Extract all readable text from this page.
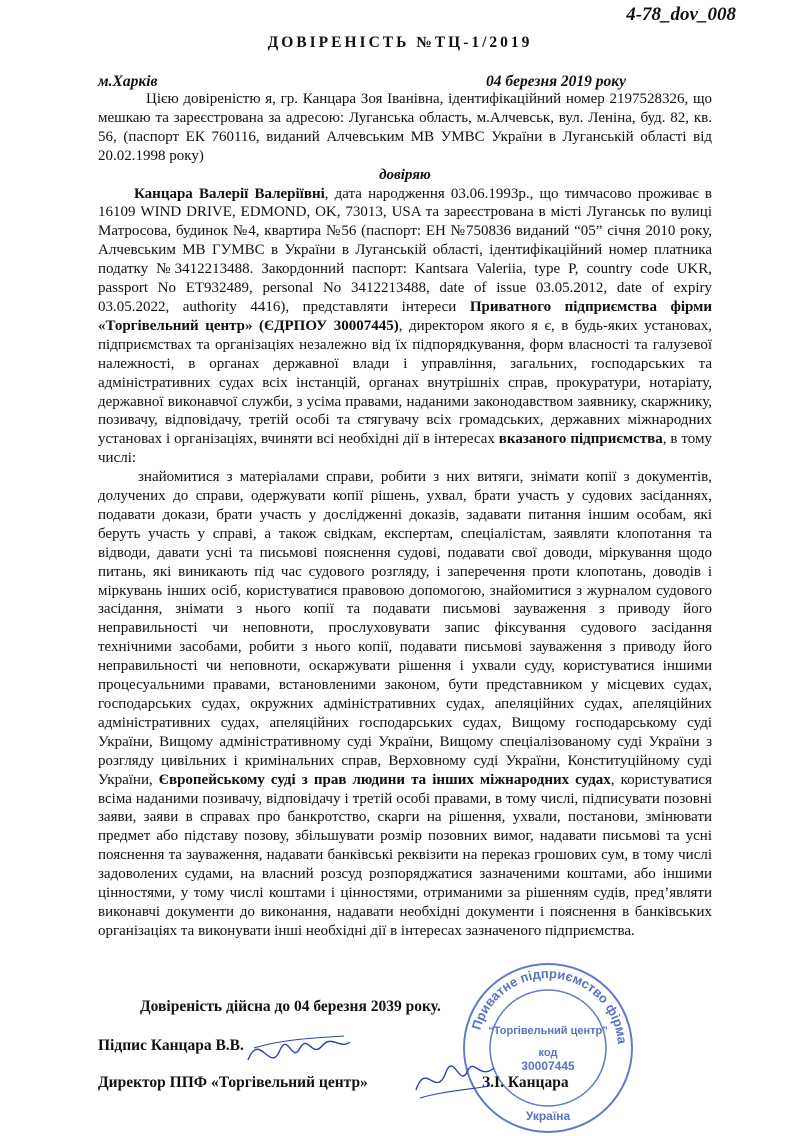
4-78_dov_008
ДОВІРЕНІСТЬ №ТЦ-1/2019
м.Харків	04 березня 2019 року

Цією довіреністю я, гр. Канцара Зоя Іванівна, ідентифікаційний номер 2197528326, що мешкаю та зареєстрована за адресою: Луганська область, м.Алчевськ, вул. Леніна, буд. 82, кв. 56, (паспорт ЕК 760116, виданий Алчевським МВ УМВС України в Луганській області від 20.02.1998 року)

довіряю

Канцара Валерії Валеріївні, дата народження 03.06.1993р., що тимчасово проживає в 16109 WIND DRIVE, EDMOND, OK, 73013, USA та зареєстрована в місті Луганськ по вулиці Матросова, будинок №4, квартира №56 (паспорт: ЕН №750836 виданий “05” січня 2010 року, Алчевським МВ ГУМВС в України в Луганській області, ідентифікаційний номер платника податку №3412213488. Закордонний паспорт: Kantsara Valeriia, type P, country code UKR, passport No ET932489, personal No 3412213488, date of issue 03.05.2012, date of expiry 03.05.2022, authority 4416), представляти інтереси Приватного підприємства фірми «Торгівельний центр» (ЄДРПОУ 30007445), директором якого я є, в будь-яких установах, підприємствах та організаціях незалежно від їх підпорядкування, форм власності та галузевої належності, в органах державної влади і управління, загальних, господарських та адміністративних судах всіх інстанцій, органах внутрішніх справ, прокуратури, нотаріату, державної виконавчої служби, з усіма правами, наданими законодавством заявнику, скаржнику, позивачу, відповідачу, третій особі та стягувачу всіх громадських, державних міжнародних установах і організаціях, вчиняти всі необхідні дії в інтересах вказаного підприємства, в тому числі:

знайомитися з матеріалами справи, робити з них витяги, знімати копії з документів, долучених до справи, одержувати копії рішень, ухвал, брати участь у судових засіданнях, подавати докази, брати участь у дослідженні доказів, задавати питання іншим особам, які беруть участь у справі, а також свідкам, експертам, спеціалістам, заявляти клопотання та відводи, давати усні та письмові пояснення судові, подавати свої доводи, міркування щодо питань, які виникають під час судового розгляду, і заперечення проти клопотань, доводів і міркувань інших осіб, користуватися правовою допомогою, знайомитися з журналом судового засідання, знімати з нього копії та подавати письмові зауваження з приводу його неправильності чи неповноти, прослуховувати запис фіксування судового засідання технічними засобами, робити з нього копії, подавати письмові зауваження з приводу його неправильності чи неповноти, оскаржувати рішення і ухвали суду, користуватися іншими процесуальними правами, встановленими законом, бути представником у місцевих судах, господарських судах, окружних адміністративних судах, апеляційних судах, апеляційних адміністративних судах, апеляційних господарських судах, Вищому господарському суді України, Вищому адміністративному суді України, Вищому спеціалізованому суді України з розгляду цивільних і кримінальних справ, Верховному суді України, Конституційному суді України, Європейському суді з прав людини та інших міжнародних судах, користуватися всіма наданими позивачу, відповідачу і третій особі правами, в тому числі, підписувати позовні заяви, заяви в справах про банкротство, скарги на рішення, ухвали, постанови, змінювати предмет або підставу позову, збільшувати розмір позовних вимог, надавати письмові та усні пояснення та зауваження, надавати банківські реквізити на переказ грошових сум, в тому числі задоволених судами, на власний розсуд розпоряджатися зазначеними коштами, або іншими цінностями, у тому числі коштами і цінностями, отриманими за рішенням судів, пред’являти виконавчі документи до виконання, надавати необхідні документи і пояснення в банківських організаціях та виконувати інші необхідні дії в інтересах зазначеного підприємства.

Довіреність дійсна до 04 березня 2039 року.
Підпис Канцара В.В.
Директор ППФ «Торгівельний центр»	З.І. Канцара
Приватне підприємство фірма
“Торгівельний центр”
код
30007445
Україна
